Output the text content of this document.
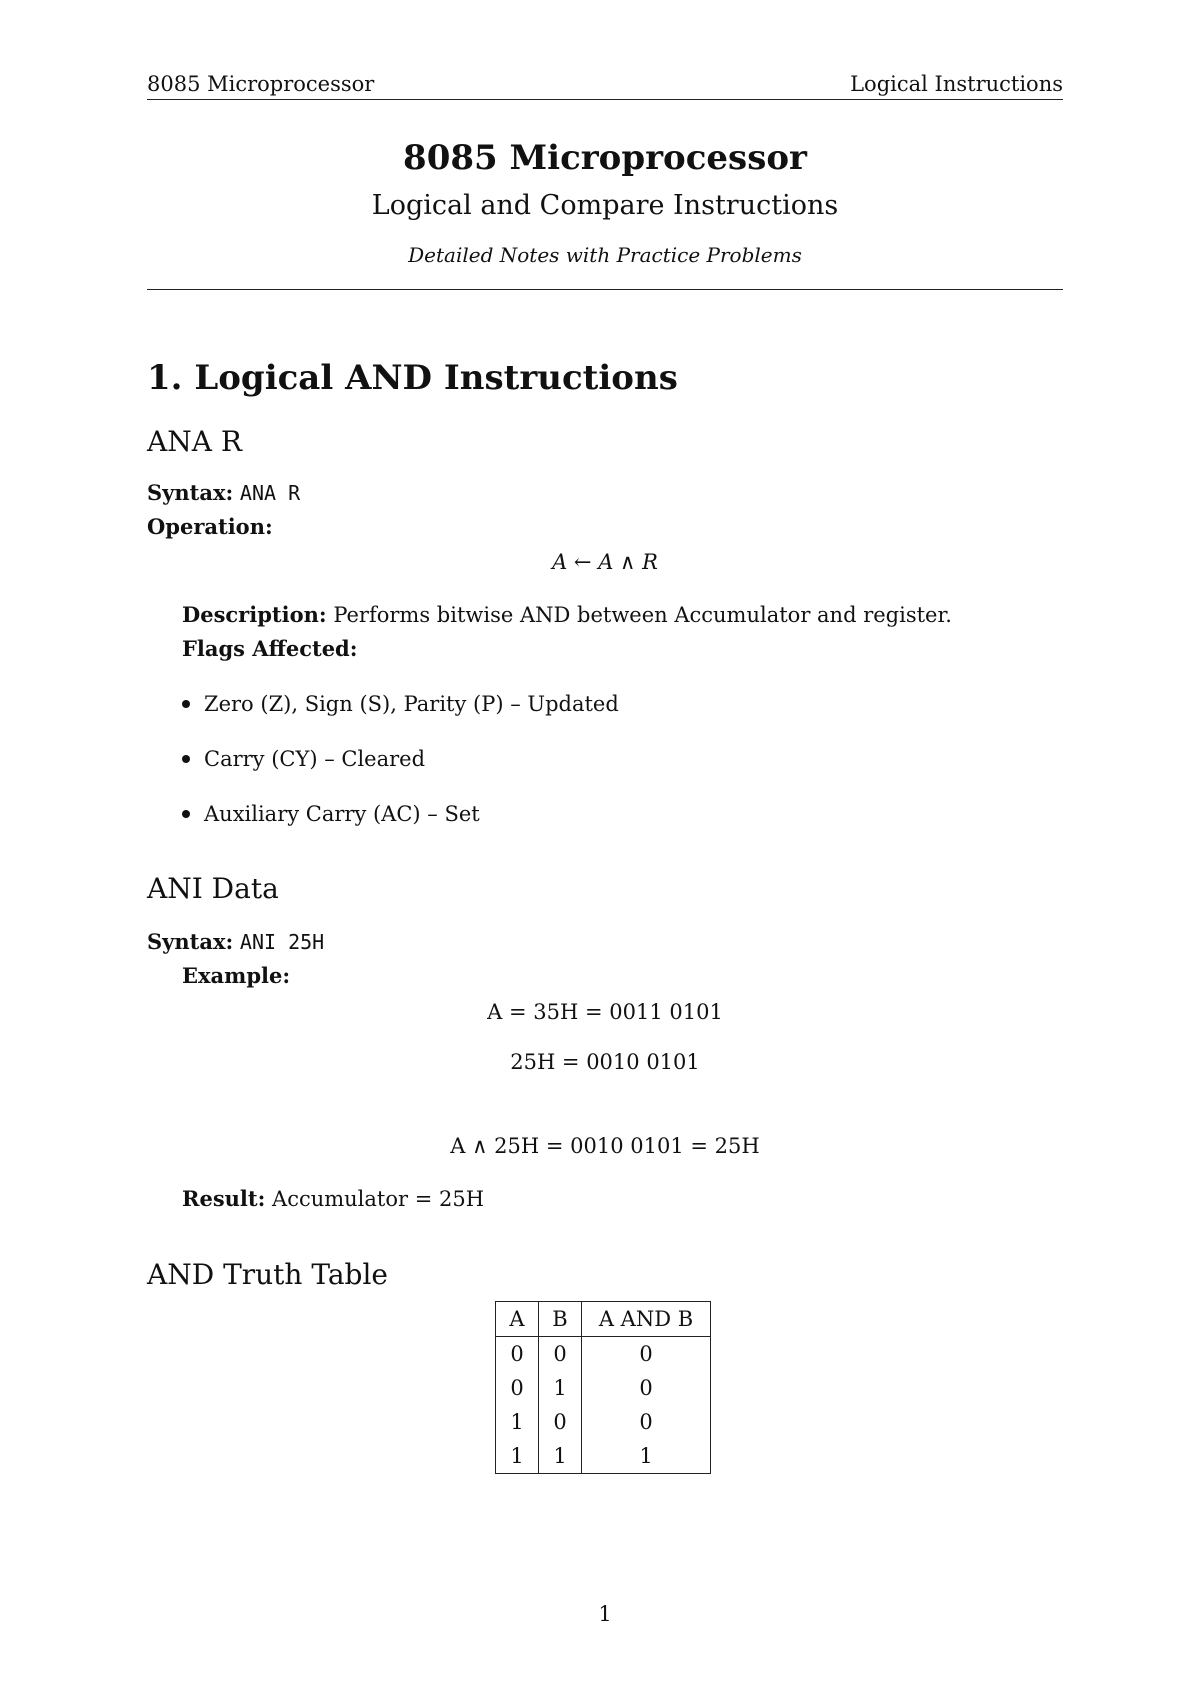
8085 Microprocessor	Logical Instructions
8085 Microprocessor
Logical and Compare Instructions
Detailed Notes with Practice Problems
1. Logical AND Instructions
ANA R
Syntax: ANA R
Operation:
A ← A ∧ R
Description: Performs bitwise AND between Accumulator and register.
Flags Affected:
Zero (Z), Sign (S), Parity (P) – Updated
Carry (CY) – Cleared
Auxiliary Carry (AC) – Set
ANI Data
Syntax: ANI 25H
Example:
A = 35H = 0011 0101
25H = 0010 0101
A ∧ 25H = 0010 0101 = 25H
Result: Accumulator = 25H
AND Truth Table
A	B	A AND B
0	0	0
0	1	0
1	0	0
1	1	1
1
